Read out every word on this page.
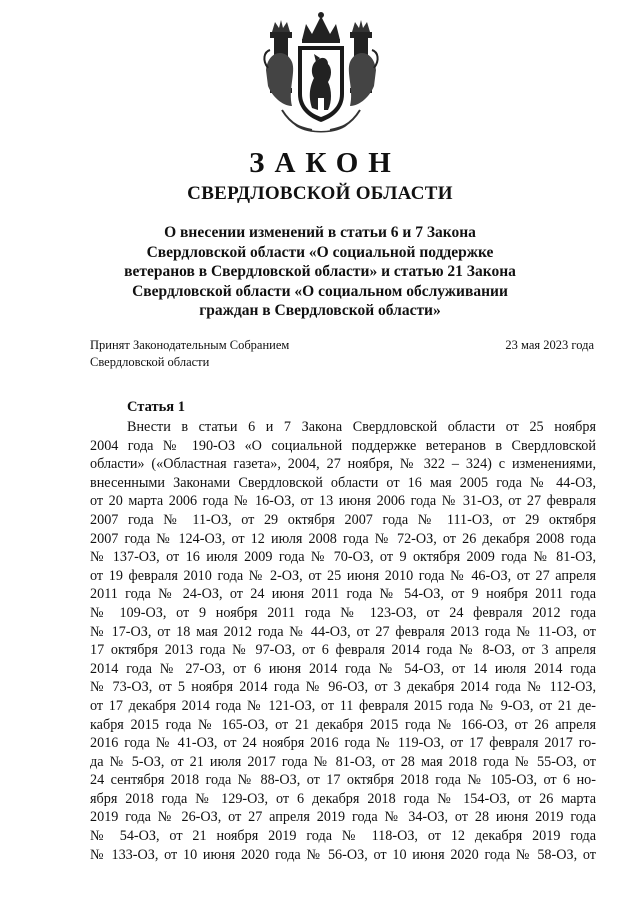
ЗАКОН
СВЕРДЛОВСКОЙ ОБЛАСТИ
О внесении изменений в статьи 6 и 7 Закона
Свердловской области «О социальной поддержке
ветеранов в Свердловской области» и статью 21 Закона
Свердловской области «О социальном обслуживании
граждан в Свердловской области»
Принят Законодательным Собранием
Свердловской области
23 мая 2023 года
Статья 1
Внести в статьи 6 и 7 Закона Свердловской области от 25 ноября
2004 года № 190-ОЗ «О социальной поддержке ветеранов в Свердловской
области» («Областная газета», 2004, 27 ноября, № 322 – 324) с изменениями,
внесенными Законами Свердловской области от 16 мая 2005 года № 44-ОЗ,
от 20 марта 2006 года № 16-ОЗ, от 13 июня 2006 года № 31-ОЗ, от 27 февраля
2007 года № 11-ОЗ, от 29 октября 2007 года № 111-ОЗ, от 29 октября
2007 года № 124-ОЗ, от 12 июля 2008 года № 72-ОЗ, от 26 декабря 2008 года
№ 137-ОЗ, от 16 июля 2009 года № 70-ОЗ, от 9 октября 2009 года № 81-ОЗ,
от 19 февраля 2010 года № 2-ОЗ, от 25 июня 2010 года № 46-ОЗ, от 27 апреля
2011 года № 24-ОЗ, от 24 июня 2011 года № 54-ОЗ, от 9 ноября 2011 года
№ 109-ОЗ, от 9 ноября 2011 года № 123-ОЗ, от 24 февраля 2012 года
№ 17-ОЗ, от 18 мая 2012 года № 44-ОЗ, от 27 февраля 2013 года № 11-ОЗ, от
17 октября 2013 года № 97-ОЗ, от 6 февраля 2014 года № 8-ОЗ, от 3 апреля
2014 года № 27-ОЗ, от 6 июня 2014 года № 54-ОЗ, от 14 июля 2014 года
№ 73-ОЗ, от 5 ноября 2014 года № 96-ОЗ, от 3 декабря 2014 года № 112-ОЗ,
от 17 декабря 2014 года № 121-ОЗ, от 11 февраля 2015 года № 9-ОЗ, от 21 де-
кабря 2015 года № 165-ОЗ, от 21 декабря 2015 года № 166-ОЗ, от 26 апреля
2016 года № 41-ОЗ, от 24 ноября 2016 года № 119-ОЗ, от 17 февраля 2017 го-
да № 5-ОЗ, от 21 июля 2017 года № 81-ОЗ, от 28 мая 2018 года № 55-ОЗ, от
24 сентября 2018 года № 88-ОЗ, от 17 октября 2018 года № 105-ОЗ, от 6 но-
ября 2018 года № 129-ОЗ, от 6 декабря 2018 года № 154-ОЗ, от 26 марта
2019 года № 26-ОЗ, от 27 апреля 2019 года № 34-ОЗ, от 28 июня 2019 года
№ 54-ОЗ, от 21 ноября 2019 года № 118-ОЗ, от 12 декабря 2019 года
№ 133-ОЗ, от 10 июня 2020 года № 56-ОЗ, от 10 июня 2020 года № 58-ОЗ, от
